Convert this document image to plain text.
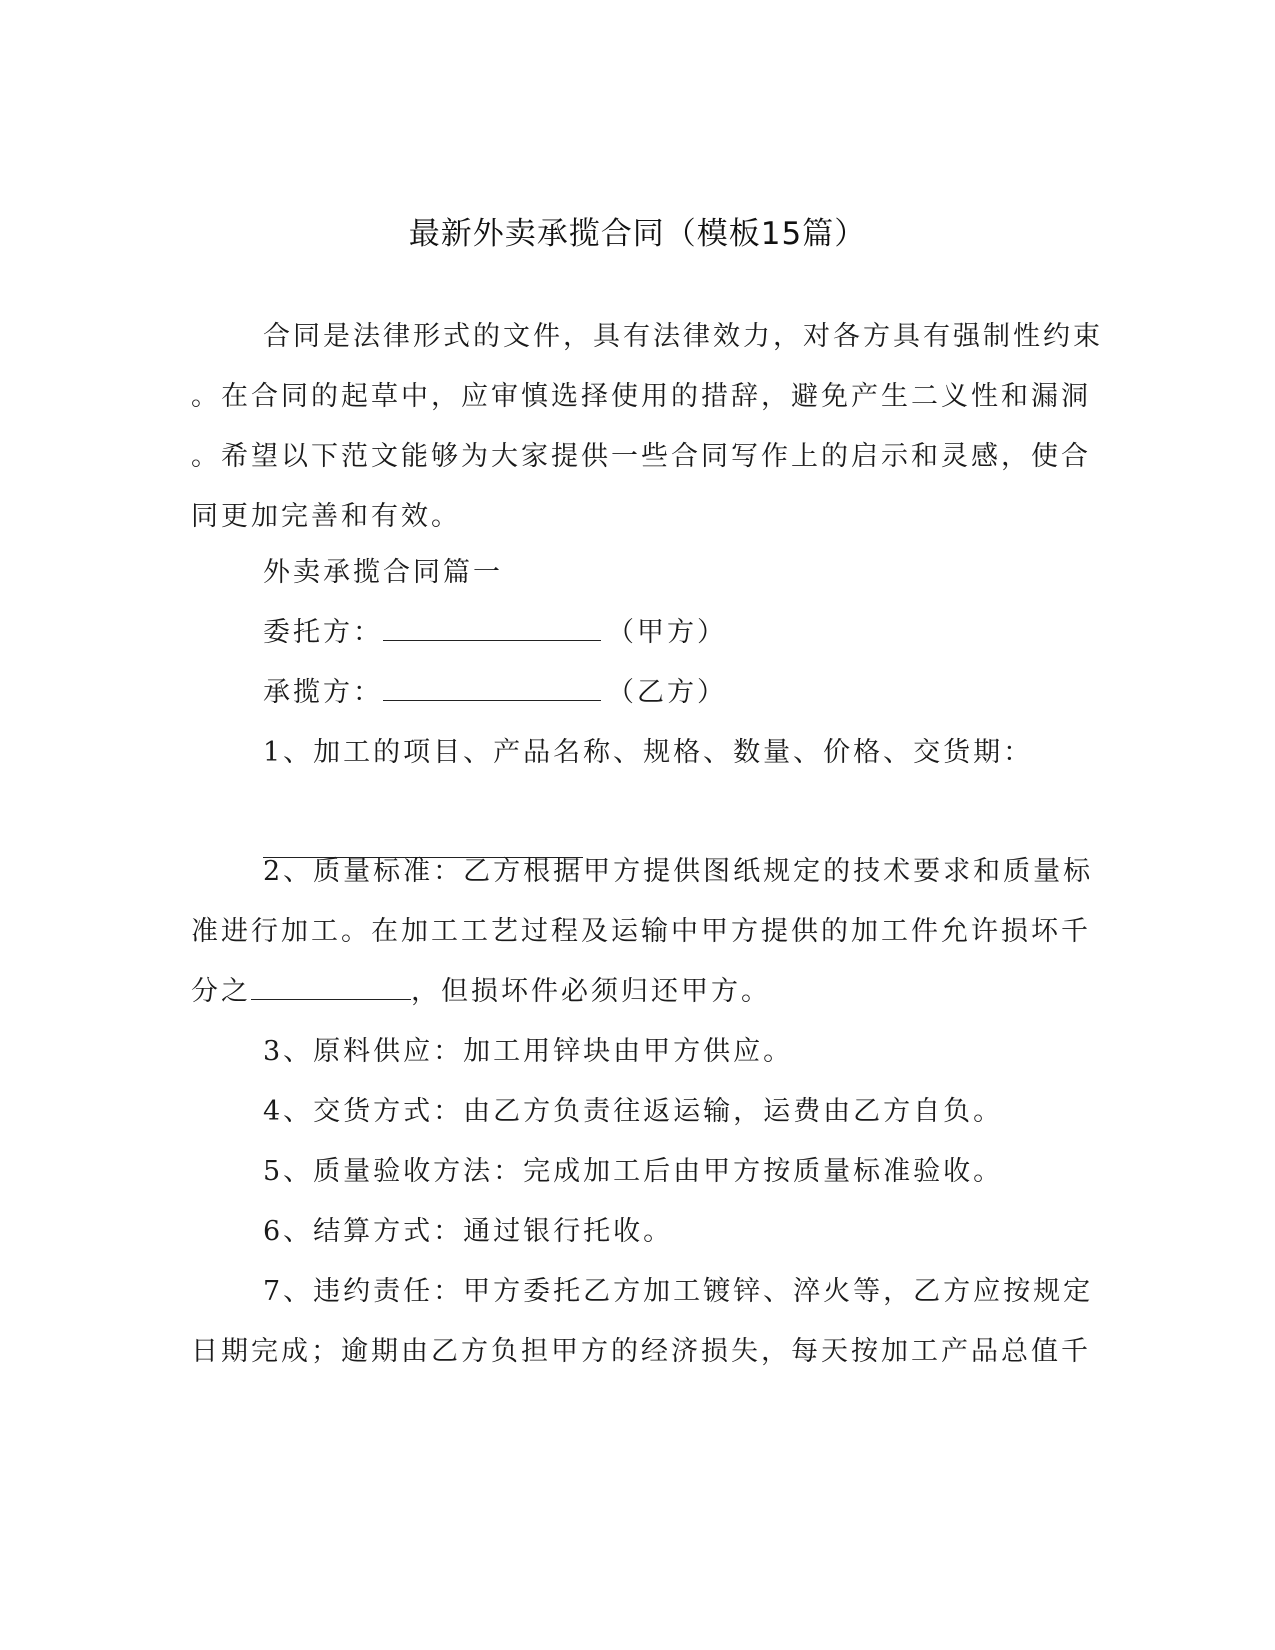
最新外卖承揽合同（模板15篇）

合同是法律形式的文件，具有法律效力，对各方具有强制性约束

。在合同的起草中，应审慎选择使用的措辞，避免产生二义性和漏洞

。希望以下范文能够为大家提供一些合同写作上的启示和灵感，使合

同更加完善和有效。

外卖承揽合同篇一

委托方：	（甲方）

承揽方：	（乙方）

1、加工的项目、产品名称、规格、数量、价格、交货期：

2、质量标准：乙方根据甲方提供图纸规定的技术要求和质量标

准进行加工。在加工工艺过程及运输中甲方提供的加工件允许损坏千

分之	，但损坏件必须归还甲方。

3、原料供应：加工用锌块由甲方供应。

4、交货方式：由乙方负责往返运输，运费由乙方自负。

5、质量验收方法：完成加工后由甲方按质量标准验收。

6、结算方式：通过银行托收。

7、违约责任：甲方委托乙方加工镀锌、淬火等，乙方应按规定

日期完成；逾期由乙方负担甲方的经济损失，每天按加工产品总值千
